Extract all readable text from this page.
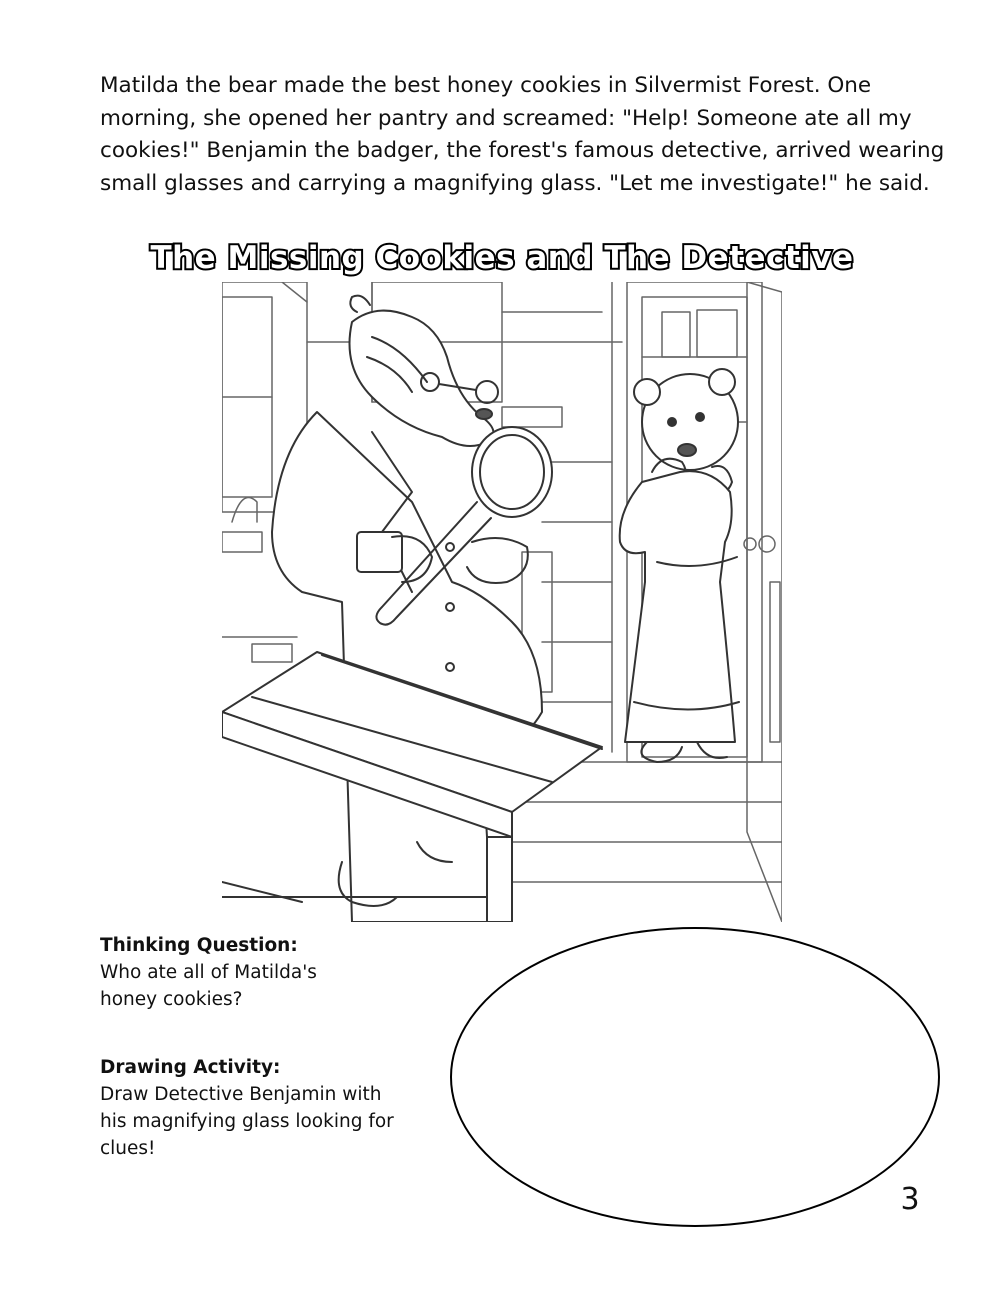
Matilda the bear made the best honey cookies in Silvermist Forest. One morning, she opened her pantry and screamed: "Help! Someone ate all my cookies!" Benjamin the badger, the forest's famous detective, arrived wearing small glasses and carrying a magnifying glass. "Let me investigate!" he said.

The Missing Cookies and The Detective

Thinking Question:

Who ate all of Matilda's honey cookies?

Drawing Activity:

Draw Detective Benjamin with his magnifying glass looking for clues!

3
